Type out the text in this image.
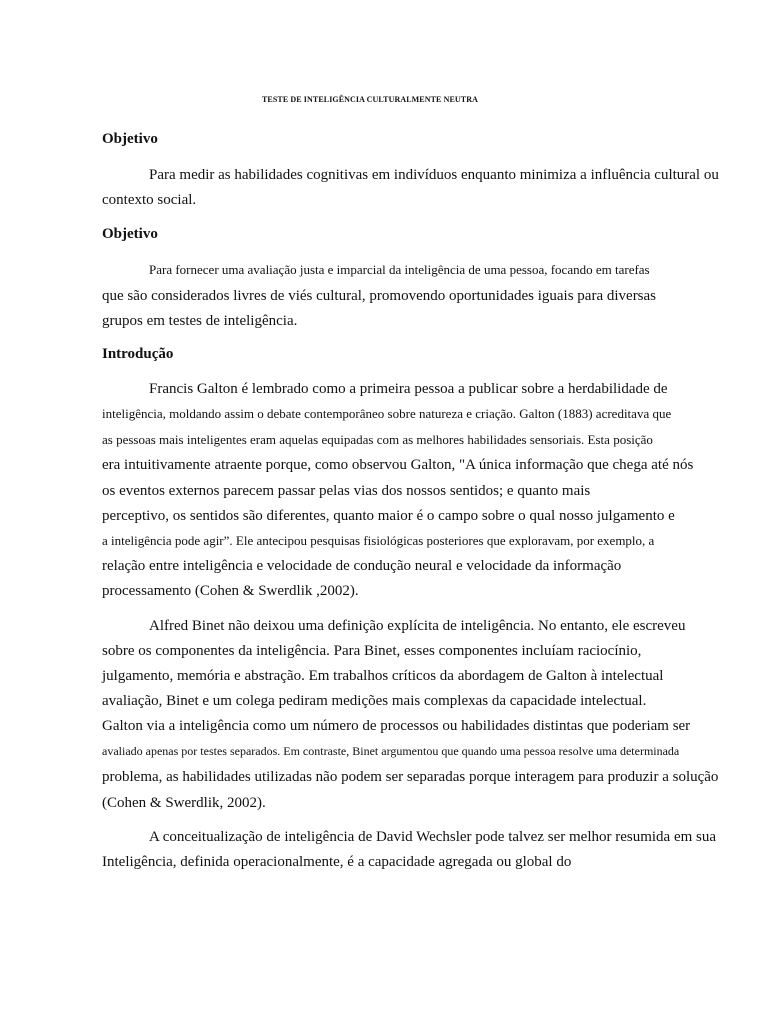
TESTE DE INTELIGÊNCIA CULTURALMENTE NEUTRA
Objetivo
Para medir as habilidades cognitivas em indivíduos enquanto minimiza a influência cultural ou
contexto social.
Objetivo
Para fornecer uma avaliação justa e imparcial da inteligência de uma pessoa, focando em tarefas
que são considerados livres de viés cultural, promovendo oportunidades iguais para diversas
grupos em testes de inteligência.
Introdução
Francis Galton é lembrado como a primeira pessoa a publicar sobre a herdabilidade de
inteligência, moldando assim o debate contemporâneo sobre natureza e criação. Galton (1883) acreditava que
as pessoas mais inteligentes eram aquelas equipadas com as melhores habilidades sensoriais. Esta posição
era intuitivamente atraente porque, como observou Galton, "A única informação que chega até nós
os eventos externos parecem passar pelas vias dos nossos sentidos; e quanto mais
perceptivo, os sentidos são diferentes, quanto maior é o campo sobre o qual nosso julgamento e
a inteligência pode agir”. Ele antecipou pesquisas fisiológicas posteriores que exploravam, por exemplo, a
relação entre inteligência e velocidade de condução neural e velocidade da informação
processamento (Cohen & Swerdlik ,2002).
Alfred Binet não deixou uma definição explícita de inteligência. No entanto, ele escreveu
sobre os componentes da inteligência. Para Binet, esses componentes incluíam raciocínio,
julgamento, memória e abstração. Em trabalhos críticos da abordagem de Galton à intelectual
avaliação, Binet e um colega pediram medições mais complexas da capacidade intelectual.
Galton via a inteligência como um número de processos ou habilidades distintas que poderiam ser
avaliado apenas por testes separados. Em contraste, Binet argumentou que quando uma pessoa resolve uma determinada
problema, as habilidades utilizadas não podem ser separadas porque interagem para produzir a solução
(Cohen & Swerdlik, 2002).
A conceitualização de inteligência de David Wechsler pode talvez ser melhor resumida em sua
Inteligência, definida operacionalmente, é a capacidade agregada ou global do
